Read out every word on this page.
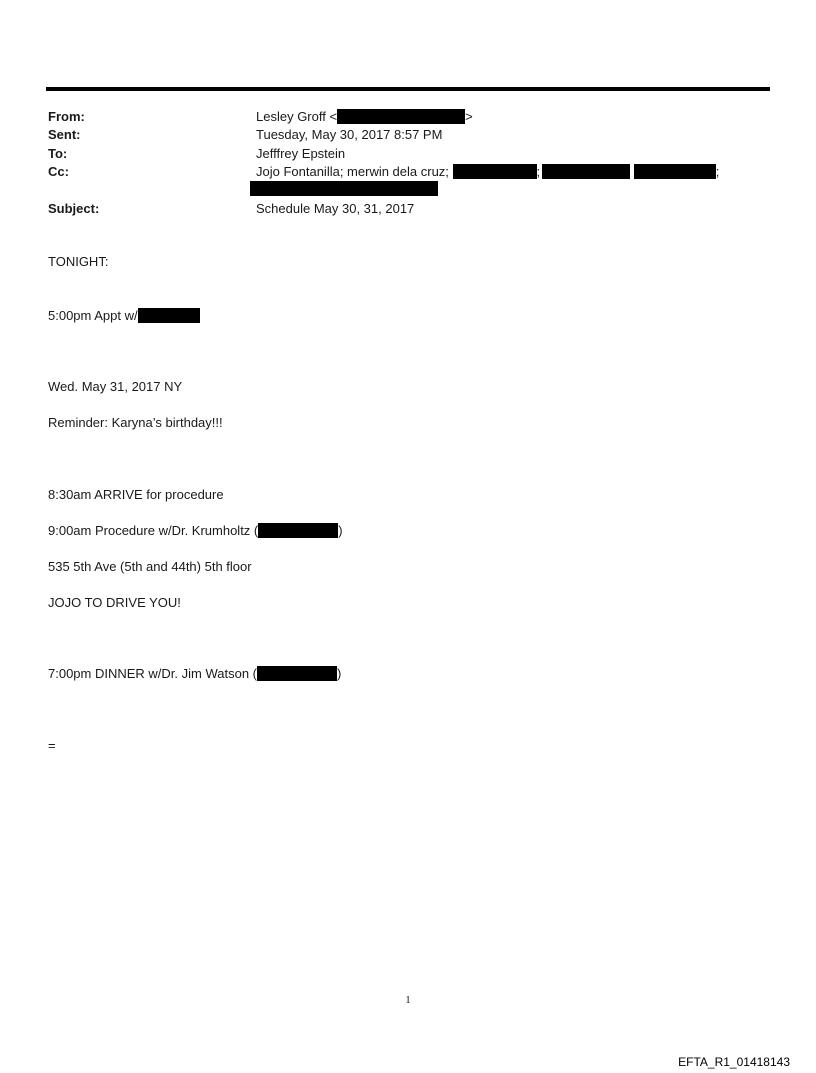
From:	Lesley Groff <	>
Sent:	Tuesday, May 30, 2017 8:57 PM
To:	Jefffrey Epstein
Cc:	Jojo Fontanilla; merwin dela cruz;	;	;
Subject:	Schedule May 30, 31, 2017
TONIGHT:
5:00pm Appt w/
Wed. May 31, 2017 NY
Reminder: Karyna’s birthday!!!
8:30am ARRIVE for procedure
9:00am Procedure w/Dr. Krumholtz (	)
535 5th Ave (5th and 44th) 5th floor
JOJO TO DRIVE YOU!
7:00pm DINNER w/Dr. Jim Watson (	)
=
1
EFTA_R1_01418143
